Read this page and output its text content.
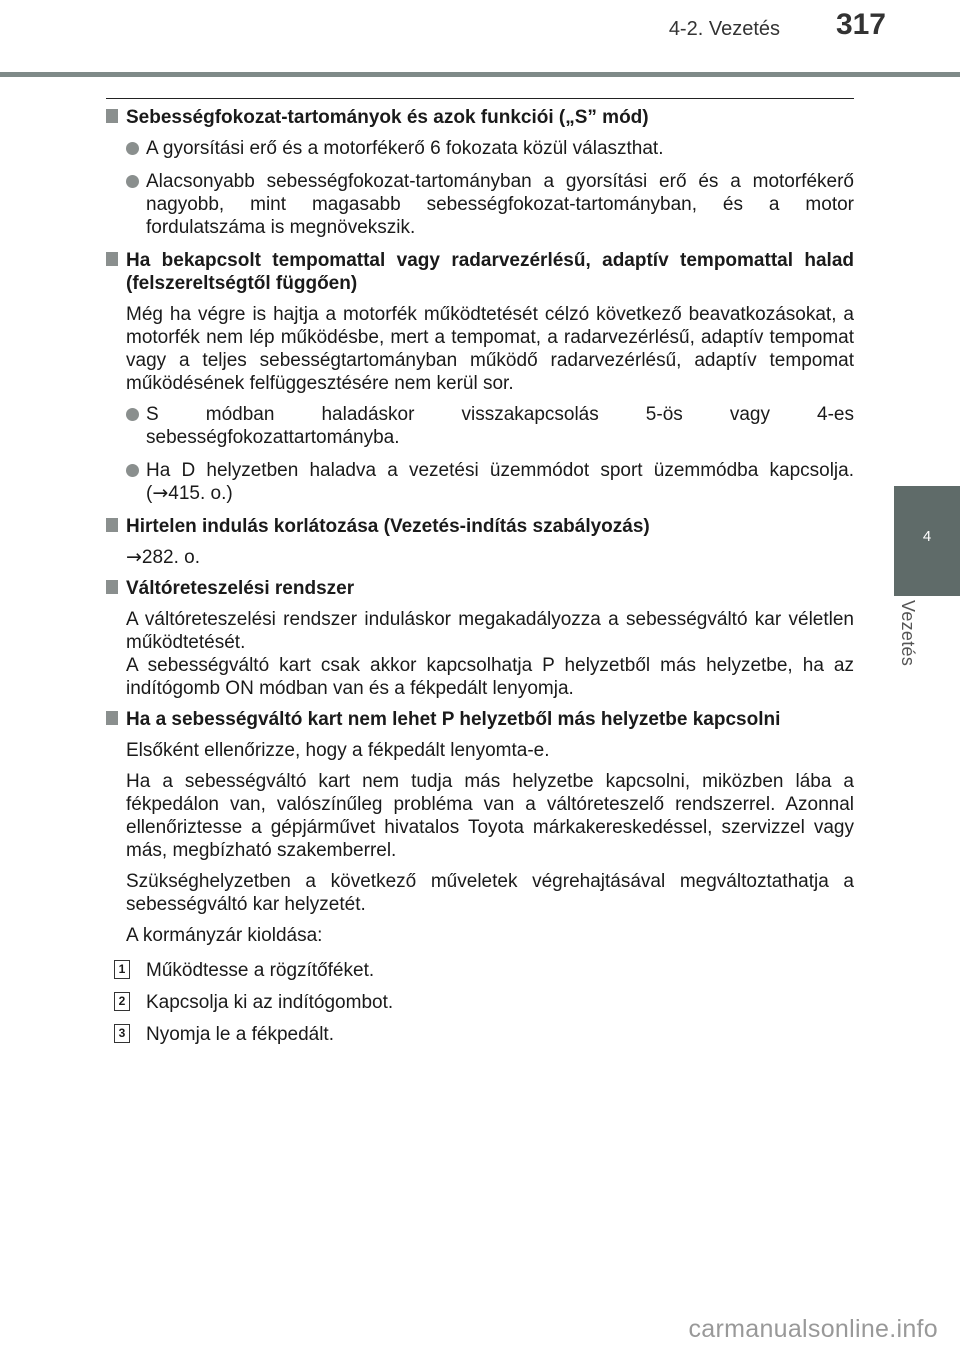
4-2. Vezetés 317
4
Vezetés
Sebességfokozat-tartományok és azok funkciói („S” mód)
A gyorsítási erő és a motorfékerő 6 fokozata közül választhat.
Alacsonyabb sebességfokozat-tartományban a gyorsítási erő és a motorfékerő nagyobb, mint magasabb sebességfokozat-tartományban, és a motor fordulatszáma is megnövekszik.
Ha bekapcsolt tempomattal vagy radarvezérlésű, adaptív tempomattal halad (felszereltségtől függően)
Még ha végre is hajtja a motorfék működtetését célzó következő beavatkozásokat, a motorfék nem lép működésbe, mert a tempomat, a radarvezérlésű, adaptív tempomat vagy a teljes sebességtartományban működő radarvezérlésű, adaptív tempomat működésének felfüggesztésére nem kerül sor.
S módban haladáskor visszakapcsolás 5-ös vagy 4-es sebességfokozattartományba.
Ha D helyzetben haladva a vezetési üzemmódot sport üzemmódba kapcsolja. (→415. o.)
Hirtelen indulás korlátozása (Vezetés-indítás szabályozás)
→282. o.
Váltóreteszelési rendszer
A váltóreteszelési rendszer induláskor megakadályozza a sebességváltó kar véletlen működtetését.
A sebességváltó kart csak akkor kapcsolhatja P helyzetből más helyzetbe, ha az indítógomb ON módban van és a fékpedált lenyomja.
Ha a sebességváltó kart nem lehet P helyzetből más helyzetbe kapcsolni
Elsőként ellenőrizze, hogy a fékpedált lenyomta-e.
Ha a sebességváltó kart nem tudja más helyzetbe kapcsolni, miközben lába a fékpedálon van, valószínűleg probléma van a váltóreteszelő rendszerrel. Azonnal ellenőriztesse a gépjárművet hivatalos Toyota márkakereskedéssel, szervizzel vagy más, megbízható szakemberrel.
Szükséghelyzetben a következő műveletek végrehajtásával megváltoztathatja a sebességváltó kar helyzetét.
A kormányzár kioldása:
1 Működtesse a rögzítőféket.
2 Kapcsolja ki az indítógombot.
3 Nyomja le a fékpedált.
carmanualsonline.info
